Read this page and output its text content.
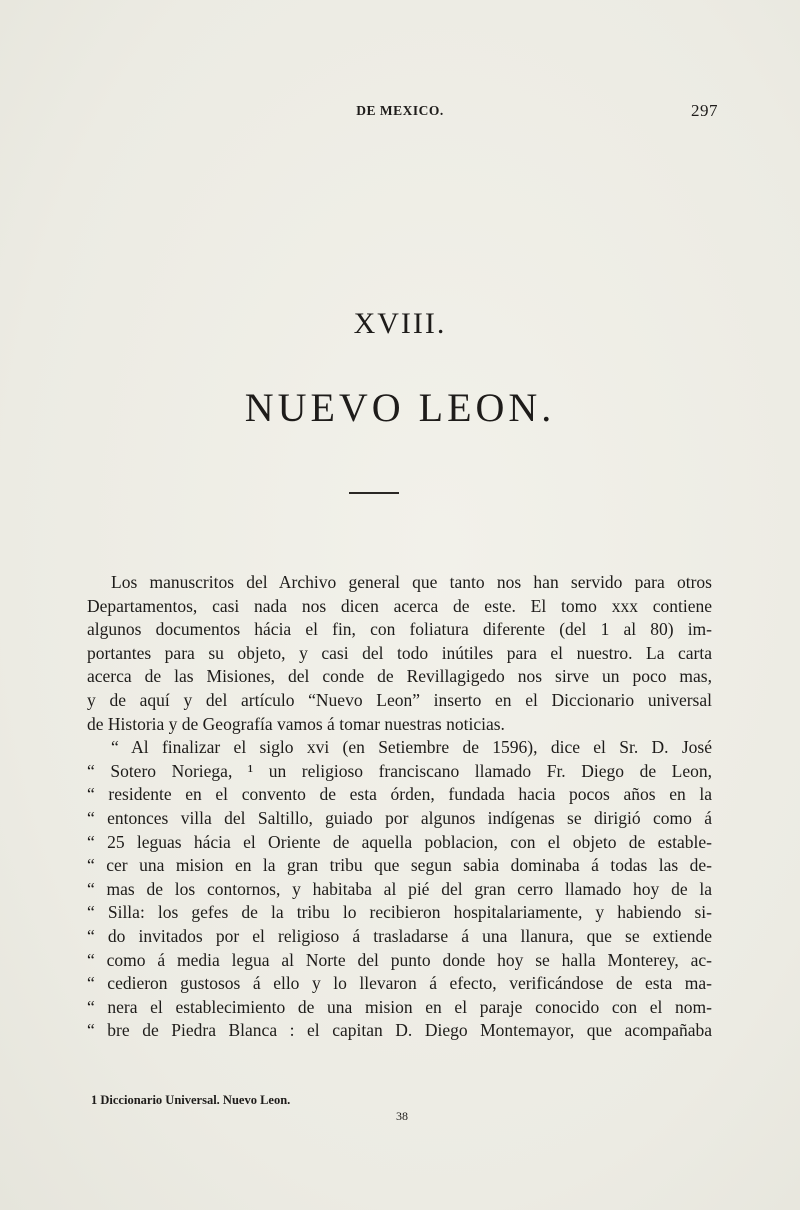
DE MEXICO.	297
XVIII.
NUEVO LEON.
Los manuscritos del Archivo general que tanto nos han servido para otros
Departamentos, casi nada nos dicen acerca de este. El tomo xxx contiene
algunos documentos hácia el fin, con foliatura diferente (del 1 al 80) im-
portantes para su objeto, y casi del todo inútiles para el nuestro. La carta
acerca de las Misiones, del conde de Revillagigedo nos sirve un poco mas,
y de aquí y del artículo “Nuevo Leon” inserto en el Diccionario universal
de Historia y de Geografía vamos á tomar nuestras noticias.
“ Al finalizar el siglo xvi (en Setiembre de 1596), dice el Sr. D. José
“ Sotero Noriega, ¹ un religioso franciscano llamado Fr. Diego de Leon,
“ residente en el convento de esta órden, fundada hacia pocos años en la
“ entonces villa del Saltillo, guiado por algunos indígenas se dirigió como á
“ 25 leguas hácia el Oriente de aquella poblacion, con el objeto de estable-
“ cer una mision en la gran tribu que segun sabia dominaba á todas las de-
“ mas de los contornos, y habitaba al pié del gran cerro llamado hoy de la
“ Silla: los gefes de la tribu lo recibieron hospitalariamente, y habiendo si-
“ do invitados por el religioso á trasladarse á una llanura, que se extiende
“ como á media legua al Norte del punto donde hoy se halla Monterey, ac-
“ cedieron gustosos á ello y lo llevaron á efecto, verificándose de esta ma-
“ nera el establecimiento de una mision en el paraje conocido con el nom-
“ bre de Piedra Blanca : el capitan D. Diego Montemayor, que acompañaba
1 Diccionario Universal. Nuevo Leon.
38
